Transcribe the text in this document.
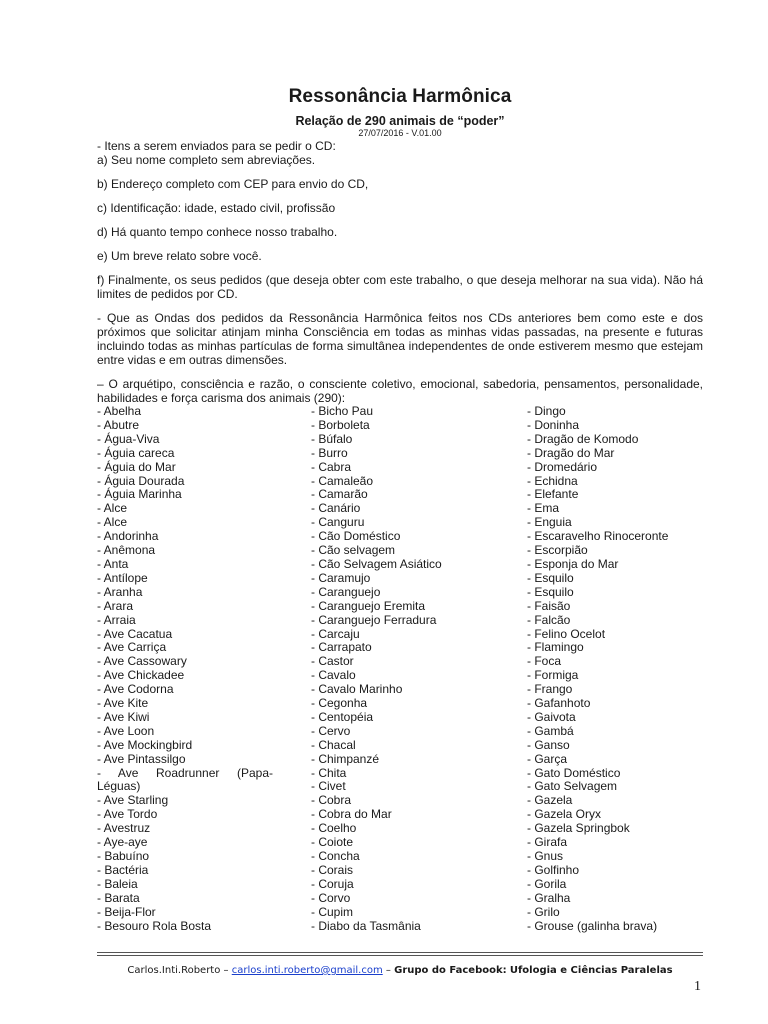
Ressonância Harmônica
Relação de 290 animais de “poder”
27/07/2016 - V.01.00

- Itens a serem enviados para se pedir o CD:

a) Seu nome completo sem abreviações.

b) Endereço completo com CEP para envio do CD,

c) Identificação: idade, estado civil, profissão

d) Há quanto tempo conhece nosso trabalho.

e) Um breve relato sobre você.

f) Finalmente, os seus pedidos (que deseja obter com este trabalho, o que deseja melhorar na sua vida). Não há limites de pedidos por CD.

- Que as Ondas dos pedidos da Ressonância Harmônica feitos nos CDs anteriores bem como este e dos próximos que solicitar atinjam minha Consciência em todas as minhas vidas passadas, na presente e futuras incluindo todas as minhas partículas de forma simultânea independentes de onde estiverem mesmo que estejam entre vidas e em outras dimensões.

– O arquétipo, consciência e razão, o consciente coletivo, emocional, sabedoria, pensamentos, personalidade, habilidades e força carisma dos animais (290):

- Abelha
- Abutre
- Água-Viva
- Águia careca
- Águia do Mar
- Águia Dourada
- Águia Marinha
- Alce
- Alce
- Andorinha
- Anêmona
- Anta
- Antílope
- Aranha
- Arara
- Arraia
- Ave Cacatua
- Ave Carriça
- Ave Cassowary
- Ave Chickadee
- Ave Codorna
- Ave Kite
- Ave Kiwi
- Ave Loon
- Ave Mockingbird
- Ave Pintassilgo
- Ave Roadrunner (Papa-
Léguas)
- Ave Starling
- Ave Tordo
- Avestruz
- Aye-aye
- Babuíno
- Bactéria
- Baleia
- Barata
- Beija-Flor
- Besouro Rola Bosta
- Bicho Pau
- Borboleta
- Búfalo
- Burro
- Cabra
- Camaleão
- Camarão
- Canário
- Canguru
- Cão Doméstico
- Cão selvagem
- Cão Selvagem Asiático
- Caramujo
- Caranguejo
- Caranguejo Eremita
- Caranguejo Ferradura
- Carcaju
- Carrapato
- Castor
- Cavalo
- Cavalo Marinho
- Cegonha
- Centopéia
- Cervo
- Chacal
- Chimpanzé
- Chita
- Civet
- Cobra
- Cobra do Mar
- Coelho
- Coiote
- Concha
- Corais
- Coruja
- Corvo
- Cupim
- Diabo da Tasmânia
- Dingo
- Doninha
- Dragão de Komodo
- Dragão do Mar
- Dromedário
- Echidna
- Elefante
- Ema
- Enguia
- Escaravelho Rinoceronte
- Escorpião
- Esponja do Mar
- Esquilo
- Esquilo
- Faisão
- Falcão
- Felino Ocelot
- Flamingo
- Foca
- Formiga
- Frango
- Gafanhoto
- Gaivota
- Gambá
- Ganso
- Garça
- Gato Doméstico
- Gato Selvagem
- Gazela
- Gazela Oryx
- Gazela Springbok
- Girafa
- Gnus
- Golfinho
- Gorila
- Gralha
- Grilo
- Grouse (galinha brava)
Carlos.Inti.Roberto – carlos.inti.roberto@gmail.com – Grupo do Facebook: Ufologia e Ciências Paralelas
1
